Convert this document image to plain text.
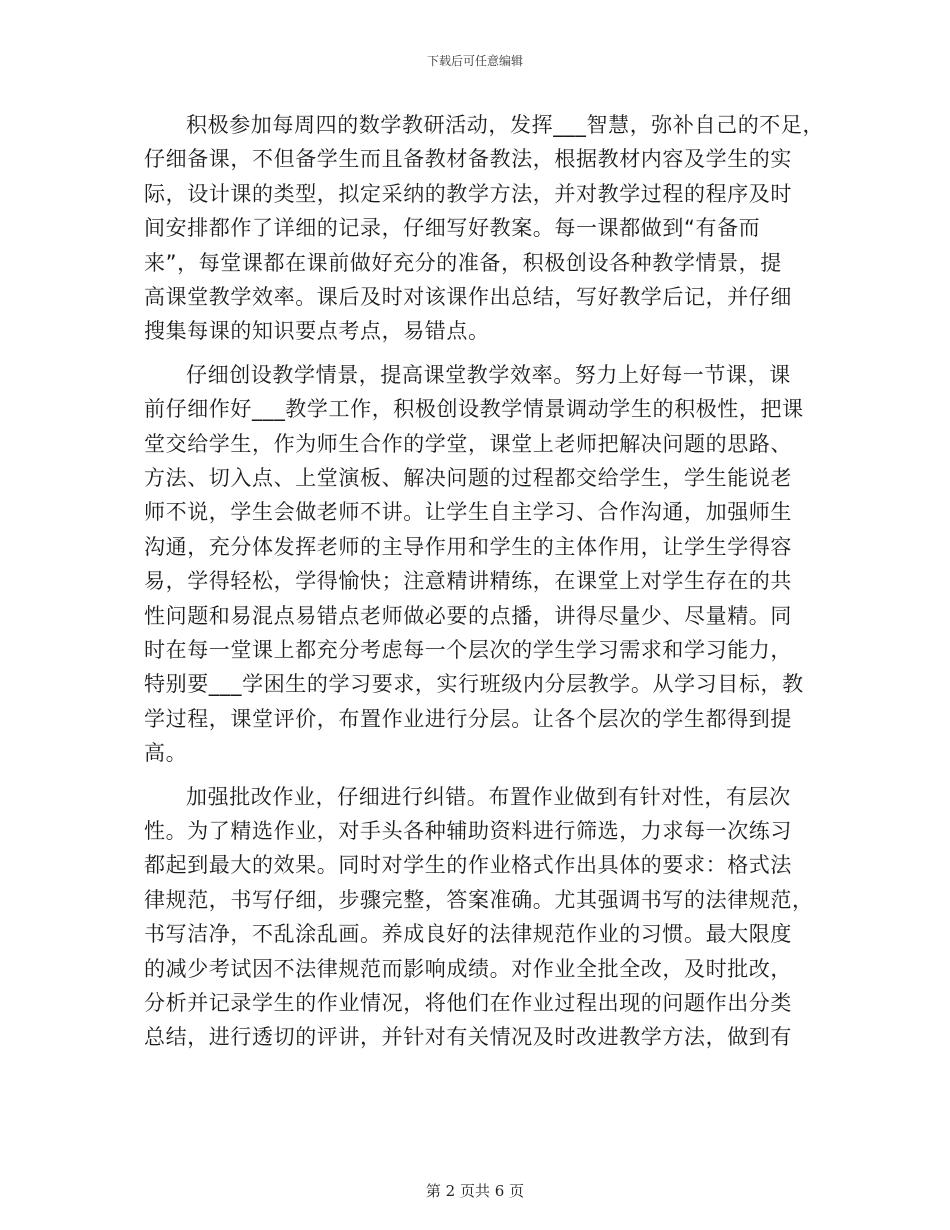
下载后可任意编辑
积极参加每周四的数学教研活动，发挥___智慧，弥补自己的不足，
仔细备课，不但备学生而且备教材备教法，根据教材内容及学生的实
际，设计课的类型，拟定采纳的教学方法，并对教学过程的程序及时
间安排都作了详细的记录，仔细写好教案。每一课都做到“有备而
来”，每堂课都在课前做好充分的准备，积极创设各种教学情景，提
高课堂教学效率。课后及时对该课作出总结，写好教学后记，并仔细
搜集每课的知识要点考点，易错点。
仔细创设教学情景，提高课堂教学效率。努力上好每一节课，课
前仔细作好___教学工作，积极创设教学情景调动学生的积极性，把课
堂交给学生，作为师生合作的学堂，课堂上老师把解决问题的思路、
方法、切入点、上堂演板、解决问题的过程都交给学生，学生能说老
师不说，学生会做老师不讲。让学生自主学习、合作沟通，加强师生
沟通，充分体发挥老师的主导作用和学生的主体作用，让学生学得容
易，学得轻松，学得愉快；注意精讲精练，在课堂上对学生存在的共
性问题和易混点易错点老师做必要的点播，讲得尽量少、尽量精。同
时在每一堂课上都充分考虑每一个层次的学生学习需求和学习能力，
特别要___学困生的学习要求，实行班级内分层教学。从学习目标，教
学过程，课堂评价，布置作业进行分层。让各个层次的学生都得到提
高。
加强批改作业，仔细进行纠错。布置作业做到有针对性，有层次
性。为了精选作业，对手头各种辅助资料进行筛选，力求每一次练习
都起到最大的效果。同时对学生的作业格式作出具体的要求：格式法
律规范，书写仔细，步骤完整，答案准确。尤其强调书写的法律规范，
书写洁净，不乱涂乱画。养成良好的法律规范作业的习惯。最大限度
的减少考试因不法律规范而影响成绩。对作业全批全改，及时批改，
分析并记录学生的作业情况，将他们在作业过程出现的问题作出分类
总结，进行透切的评讲，并针对有关情况及时改进教学方法，做到有
第 2 页共 6 页
